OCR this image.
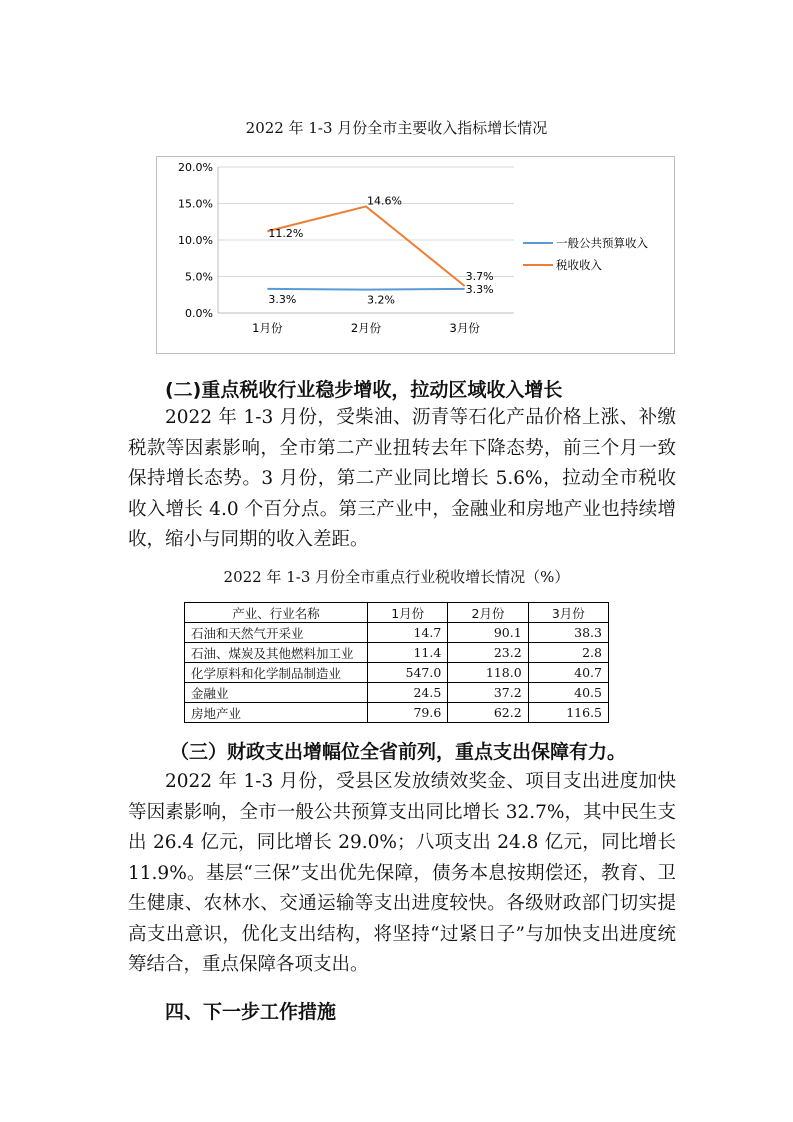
2022 年 1-3 月份全市主要收入指标增长情况
0.0%
5.0%
10.0%
15.0%
20.0%
1月份	2月份	3月份
3.3%	3.2%
3.3%
11.2%
14.6%
3.7%
一般公共预算收入
税收收入
(二)重点税收行业稳步增收，拉动区域收入增长
2022 年 1-3 月份，受柴油、沥青等石化产品价格上涨、补缴税款等因素影响，全市第二产业扭转去年下降态势，前三个月一致保持增长态势。3 月份，第二产业同比增长 5.6%，拉动全市税收收入增长 4.0 个百分点。第三产业中，金融业和房地产业也持续增收，缩小与同期的收入差距。
2022 年 1-3 月份全市重点行业税收增长情况（%）
产业、行业名称	1月份	2月份	3月份
石油和天然气开采业	14.7	90.1	38.3
石油、煤炭及其他燃料加工业	11.4	23.2	2.8
化学原料和化学制品制造业	547.0	118.0	40.7
金融业	24.5	37.2	40.5
房地产业	79.6	62.2	116.5
（三）财政支出增幅位全省前列，重点支出保障有力。
2022 年 1-3 月份，受县区发放绩效奖金、项目支出进度加快等因素影响，全市一般公共预算支出同比增长 32.7%，其中民生支出 26.4 亿元，同比增长 29.0%；八项支出 24.8 亿元，同比增长 11.9%。基层“三保”支出优先保障，债务本息按期偿还，教育、卫生健康、农林水、交通运输等支出进度较快。各级财政部门切实提高支出意识，优化支出结构，将坚持“过紧日子”与加快支出进度统筹结合，重点保障各项支出。
四、下一步工作措施
